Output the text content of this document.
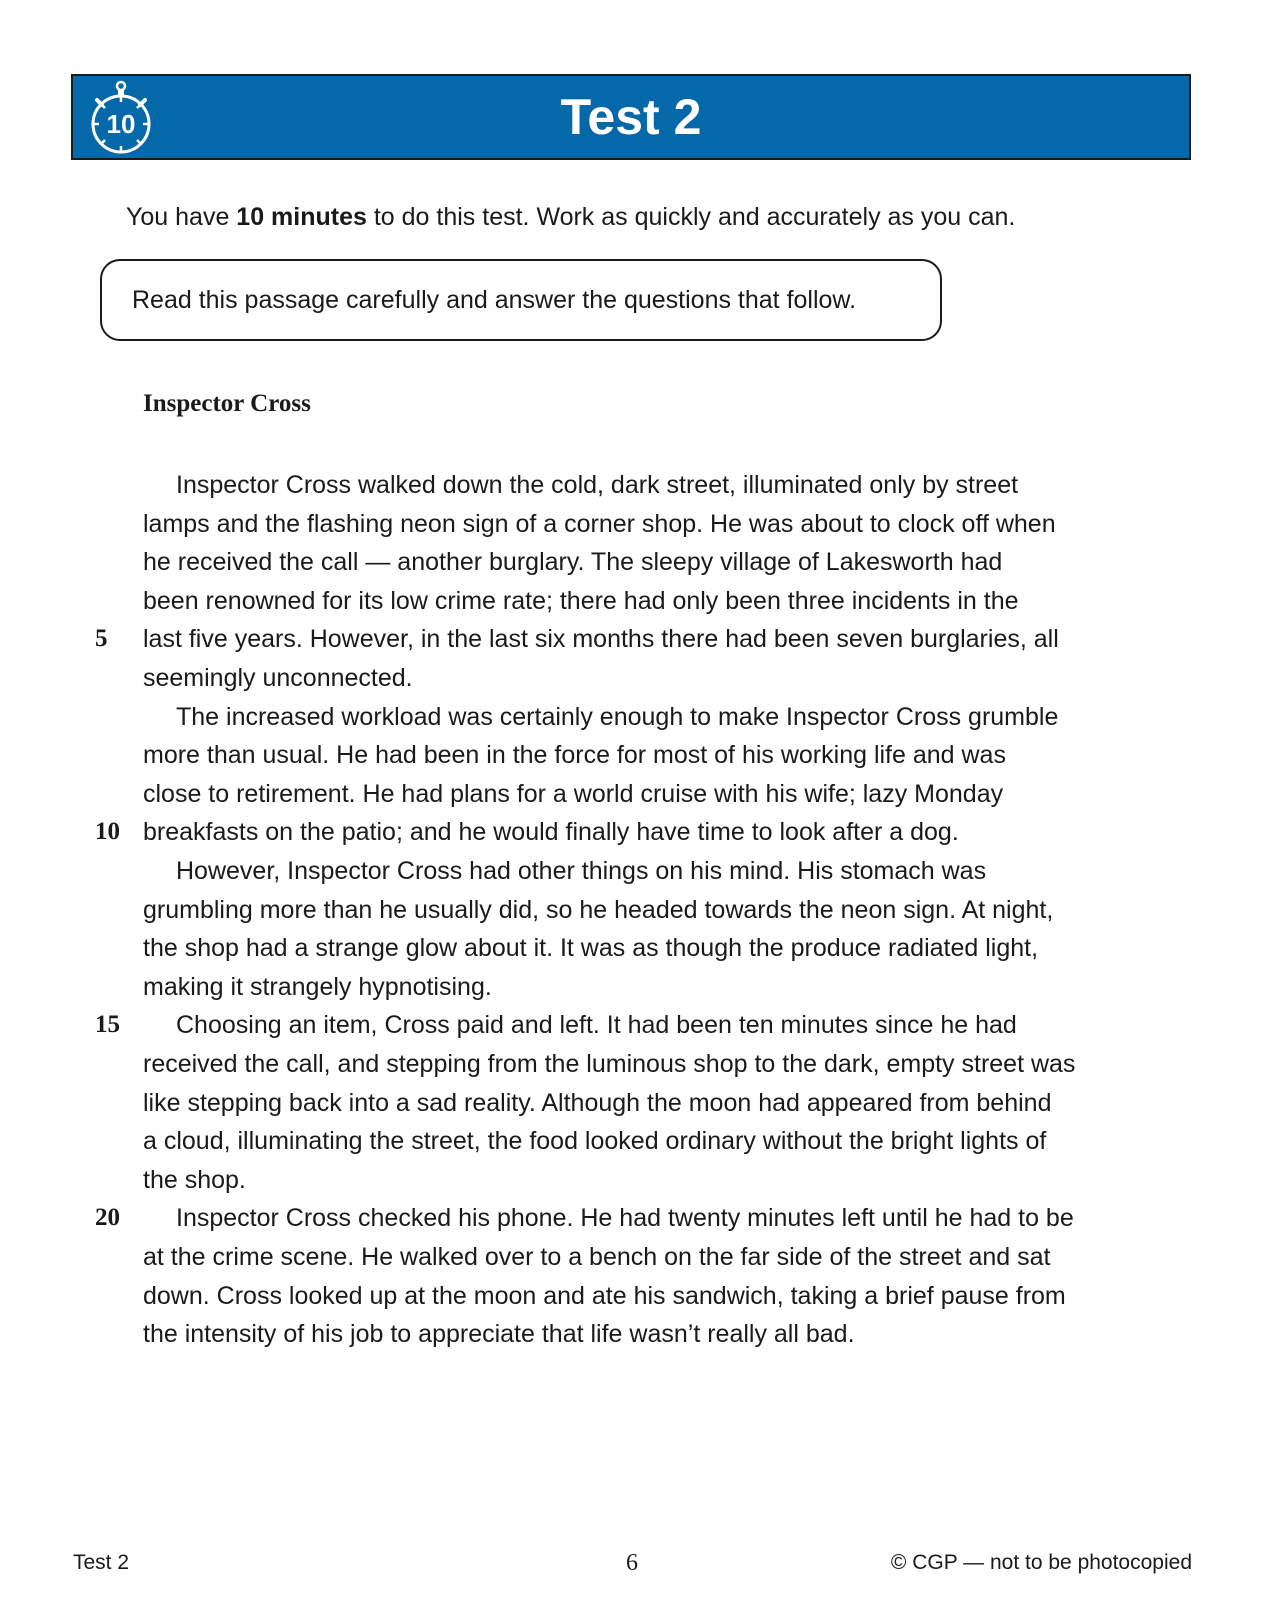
10	Test 2
You have 10 minutes to do this test. Work as quickly and accurately as you can.
Read this passage carefully and answer the questions that follow.
Inspector Cross
Inspector Cross walked down the cold, dark street, illuminated only by street
lamps and the flashing neon sign of a corner shop. He was about to clock off when
he received the call — another burglary. The sleepy village of Lakesworth had
been renowned for its low crime rate; there had only been three incidents in the
last five years. However, in the last six months there had been seven burglaries, all
5
seemingly unconnected.
The increased workload was certainly enough to make Inspector Cross grumble
more than usual. He had been in the force for most of his working life and was
close to retirement. He had plans for a world cruise with his wife; lazy Monday
breakfasts on the patio; and he would finally have time to look after a dog.
10
However, Inspector Cross had other things on his mind. His stomach was
grumbling more than he usually did, so he headed towards the neon sign. At night,
the shop had a strange glow about it. It was as though the produce radiated light,
making it strangely hypnotising.
Choosing an item, Cross paid and left. It had been ten minutes since he had
15
received the call, and stepping from the luminous shop to the dark, empty street was
like stepping back into a sad reality. Although the moon had appeared from behind
a cloud, illuminating the street, the food looked ordinary without the bright lights of
the shop.
Inspector Cross checked his phone. He had twenty minutes left until he had to be
20
at the crime scene. He walked over to a bench on the far side of the street and sat
down. Cross looked up at the moon and ate his sandwich, taking a brief pause from
the intensity of his job to appreciate that life wasn’t really all bad.
Test 2	6	© CGP — not to be photocopied
